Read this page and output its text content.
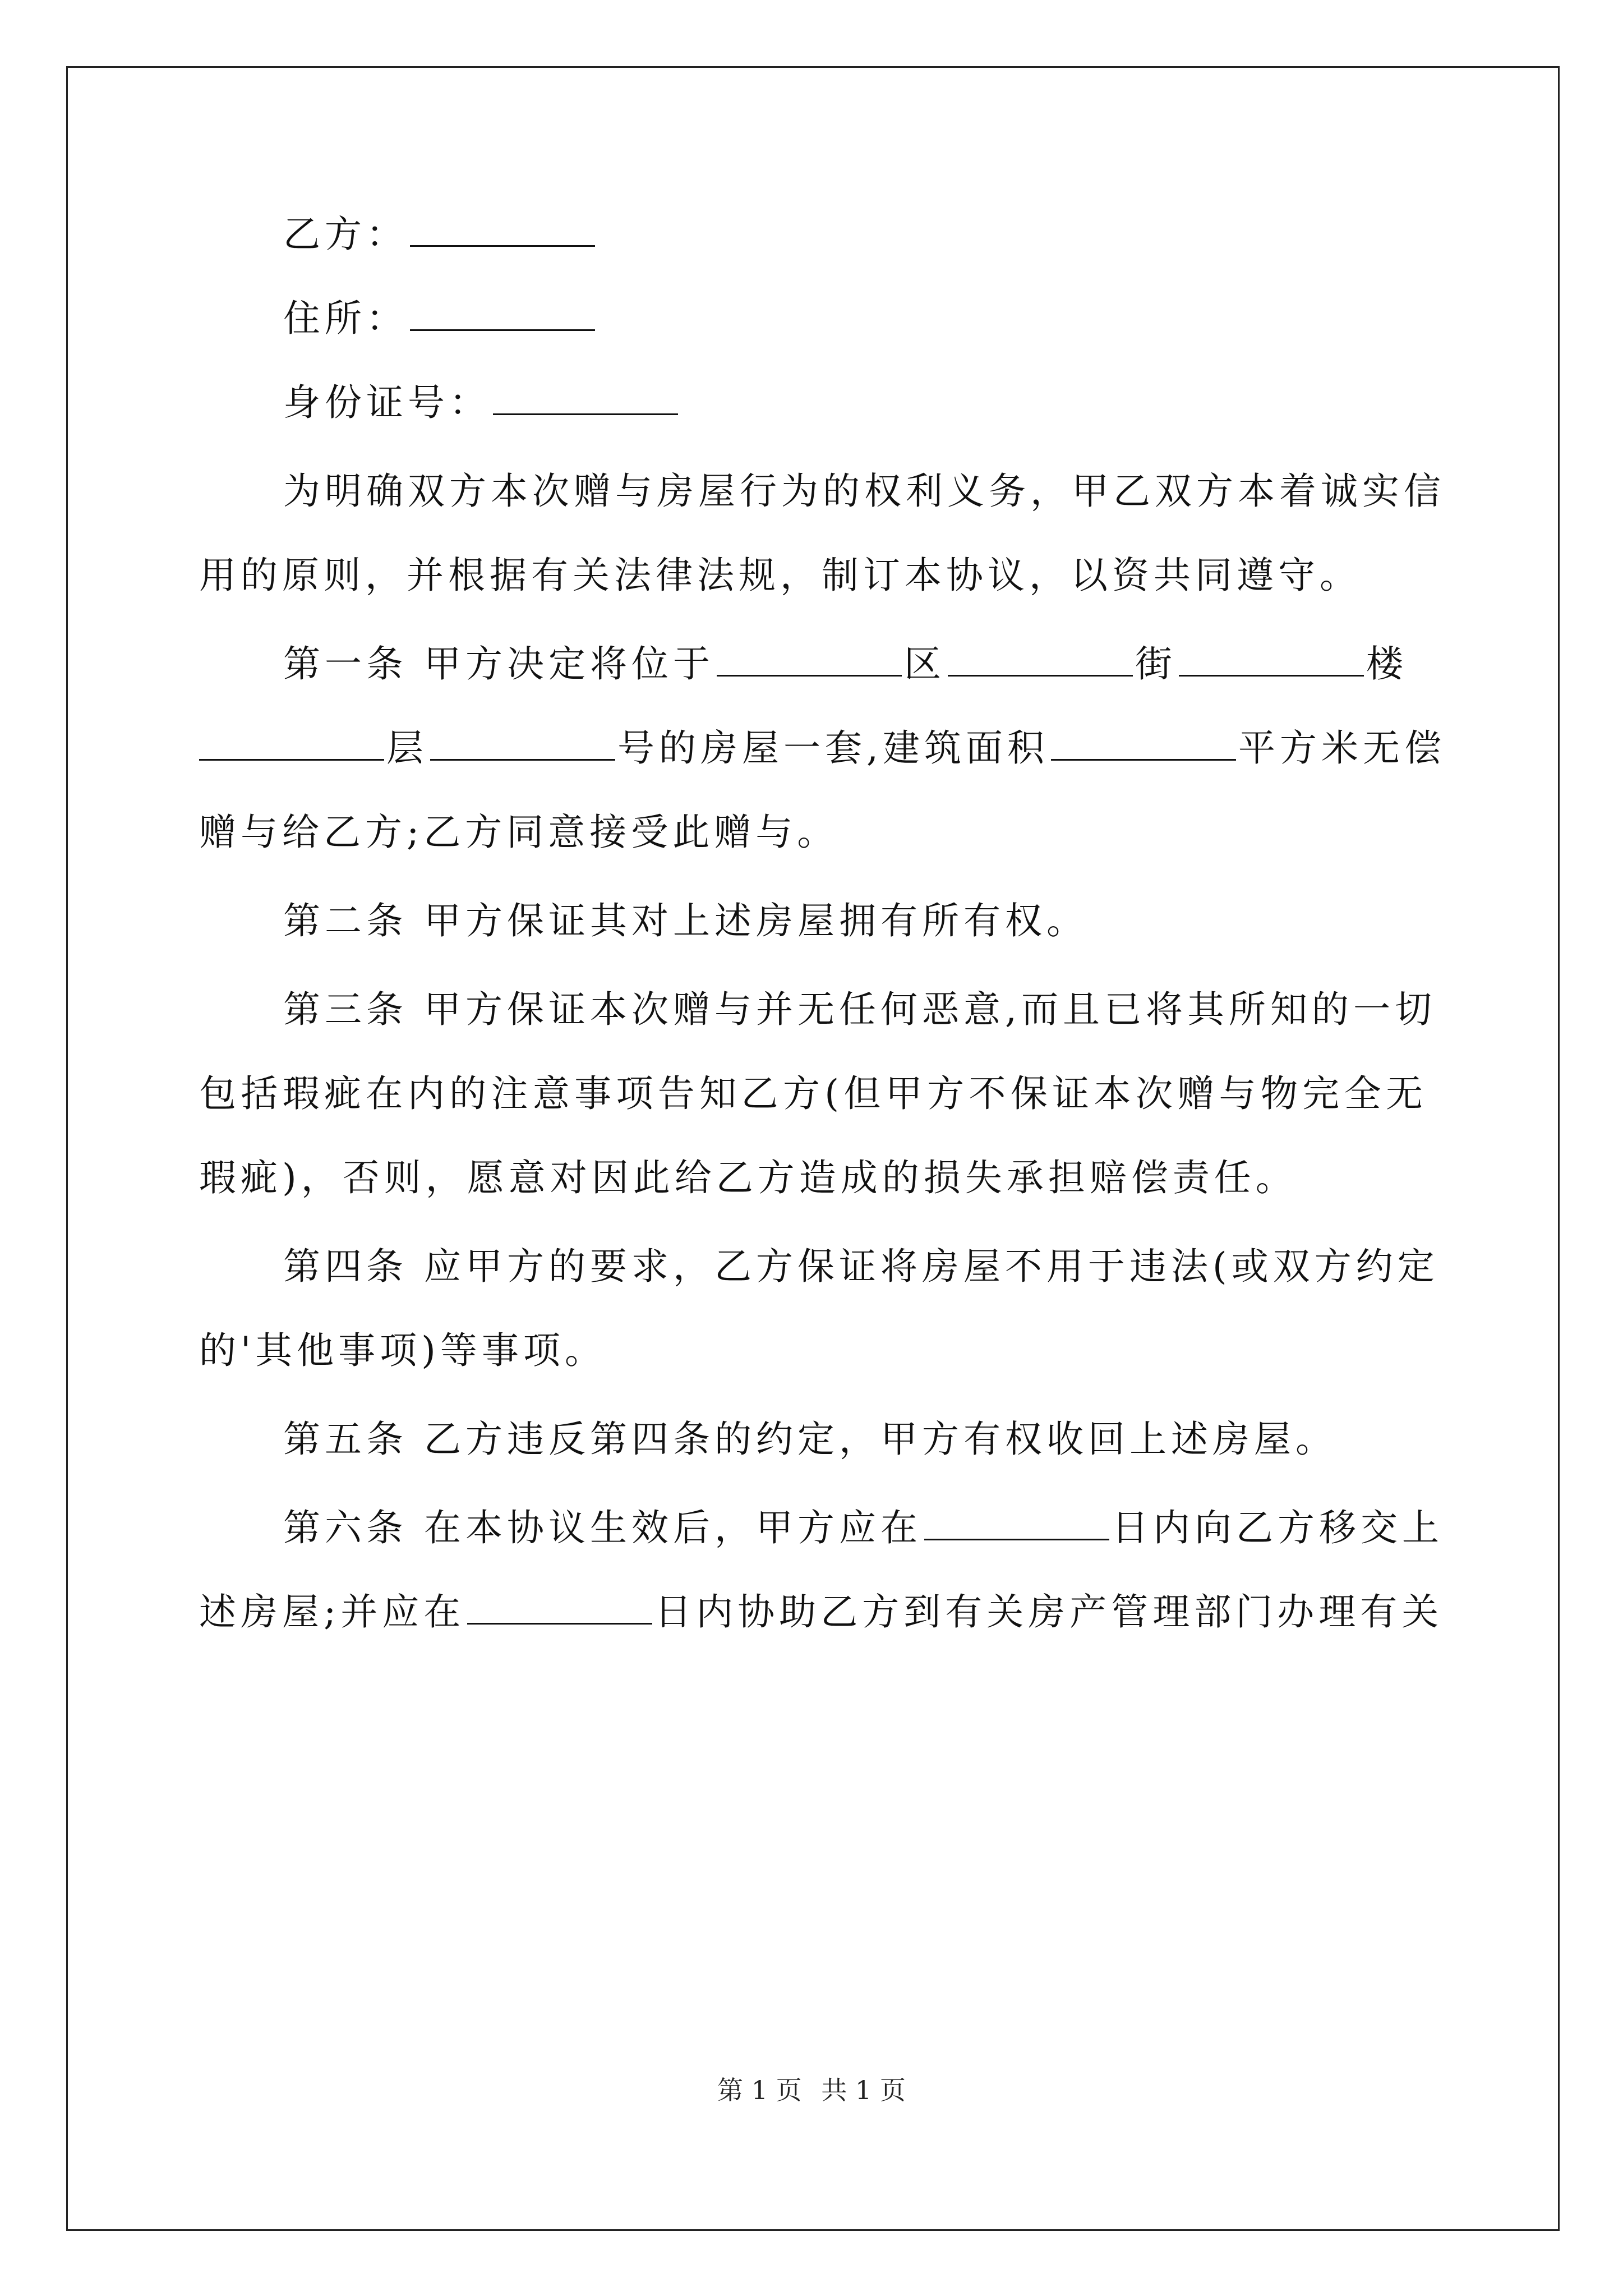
乙方：
住所：
身份证号：
为明确双方本次赠与房屋行为的权利义务，甲乙双方本着诚实信
用的原则，并根据有关法律法规，制订本协议，以资共同遵守。
第一条 甲方决定将位于	区	街	楼
层	号的房屋一套,建筑面积	平方米无偿
赠与给乙方;乙方同意接受此赠与。
第二条 甲方保证其对上述房屋拥有所有权。
第三条 甲方保证本次赠与并无任何恶意,而且已将其所知的一切
包括瑕疵在内的注意事项告知乙方(但甲方不保证本次赠与物完全无
瑕疵)，否则，愿意对因此给乙方造成的损失承担赔偿责任。
第四条 应甲方的要求，乙方保证将房屋不用于违法(或双方约定
的'其他事项)等事项。
第五条 乙方违反第四条的约定，甲方有权收回上述房屋。
第六条 在本协议生效后，甲方应在	日内向乙方移交上
述房屋;并应在	日内协助乙方到有关房产管理部门办理有关
第 1 页 共 1 页
